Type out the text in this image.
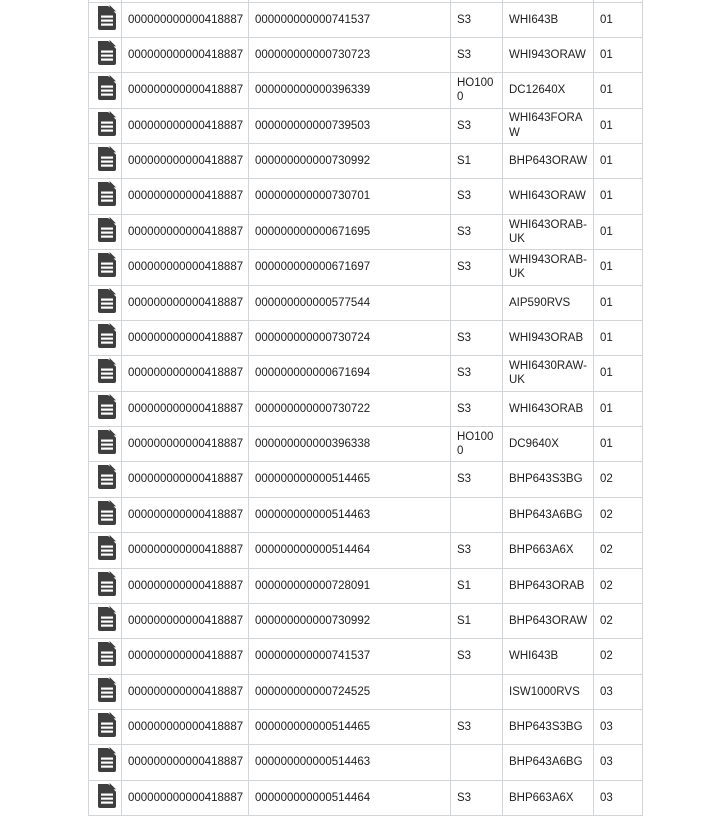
	000000000000418887	000000000000741537	S3	WHI643B	01

	000000000000418887	000000000000730723	S3	WHI943ORAW	01

	000000000000418887	000000000000396339	HO1000	DC12640X	01

	000000000000418887	000000000000739503	S3	WHI643FORAW	01

	000000000000418887	000000000000730992	S1	BHP643ORAW	01

	000000000000418887	000000000000730701	S3	WHI643ORAW	01

	000000000000418887	000000000000671695	S3	WHI643ORAB-UK	01

	000000000000418887	000000000000671697	S3	WHI943ORAB-UK	01

	000000000000418887	000000000000577544		AIP590RVS	01

	000000000000418887	000000000000730724	S3	WHI943ORAB	01

	000000000000418887	000000000000671694	S3	WHI6430RAW-UK	01

	000000000000418887	000000000000730722	S3	WHI643ORAB	01

	000000000000418887	000000000000396338	HO1000	DC9640X	01

	000000000000418887	000000000000514465	S3	BHP643S3BG	02

	000000000000418887	000000000000514463		BHP643A6BG	02

	000000000000418887	000000000000514464	S3	BHP663A6X	02

	000000000000418887	000000000000728091	S1	BHP643ORAB	02

	000000000000418887	000000000000730992	S1	BHP643ORAW	02

	000000000000418887	000000000000741537	S3	WHI643B	02

	000000000000418887	000000000000724525		ISW1000RVS	03

	000000000000418887	000000000000514465	S3	BHP643S3BG	03

	000000000000418887	000000000000514463		BHP643A6BG	03

	000000000000418887	000000000000514464	S3	BHP663A6X	03
